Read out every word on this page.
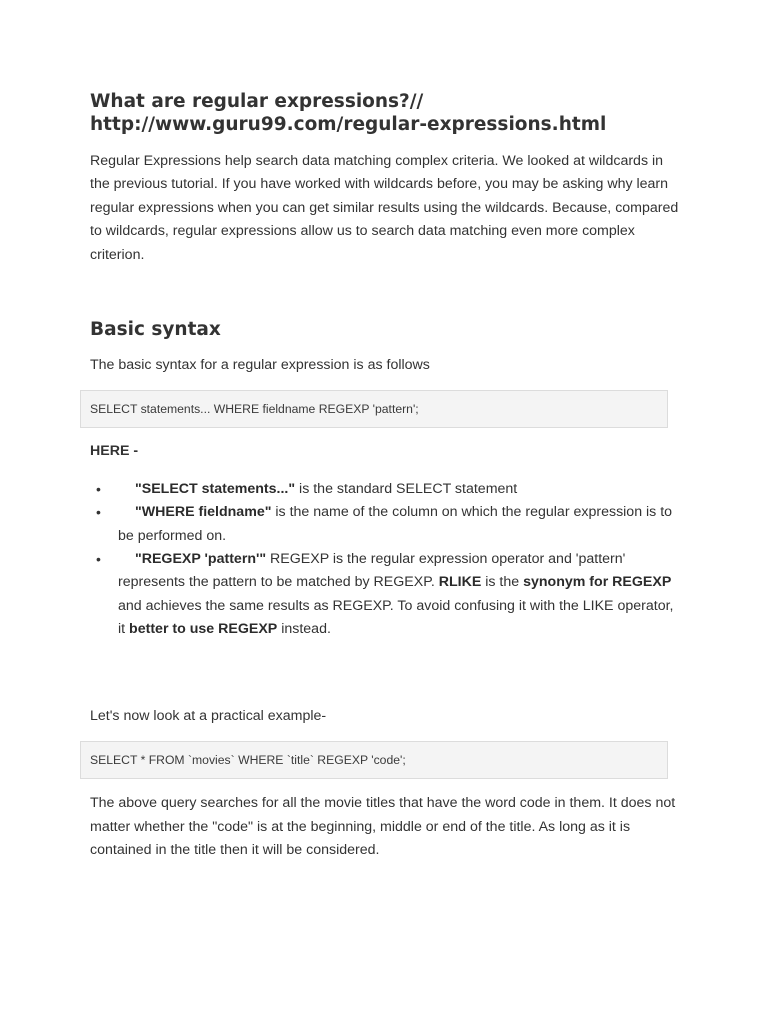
What are regular expressions?//
http://www.guru99.com/regular-expressions.html

Regular Expressions help search data matching complex criteria. We looked at wildcards in the previous tutorial. If you have worked with wildcards before, you may be asking why learn regular expressions when you can get similar results using the wildcards. Because, compared to wildcards, regular expressions allow us to search data matching even more complex criterion.

Basic syntax

The basic syntax for a regular expression is as follows

SELECT statements... WHERE fieldname REGEXP 'pattern';

HERE -

• "SELECT statements..." is the standard SELECT statement
• "WHERE fieldname" is the name of the column on which the regular expression is to be performed on.
• "REGEXP 'pattern'" REGEXP is the regular expression operator and 'pattern' represents the pattern to be matched by REGEXP. RLIKE is the synonym for REGEXP and achieves the same results as REGEXP. To avoid confusing it with the LIKE operator, it better to use REGEXP instead.

Let's now look at a practical example-

SELECT * FROM `movies` WHERE `title` REGEXP 'code';

The above query searches for all the movie titles that have the word code in them. It does not matter whether the "code" is at the beginning, middle or end of the title. As long as it is contained in the title then it will be considered.
